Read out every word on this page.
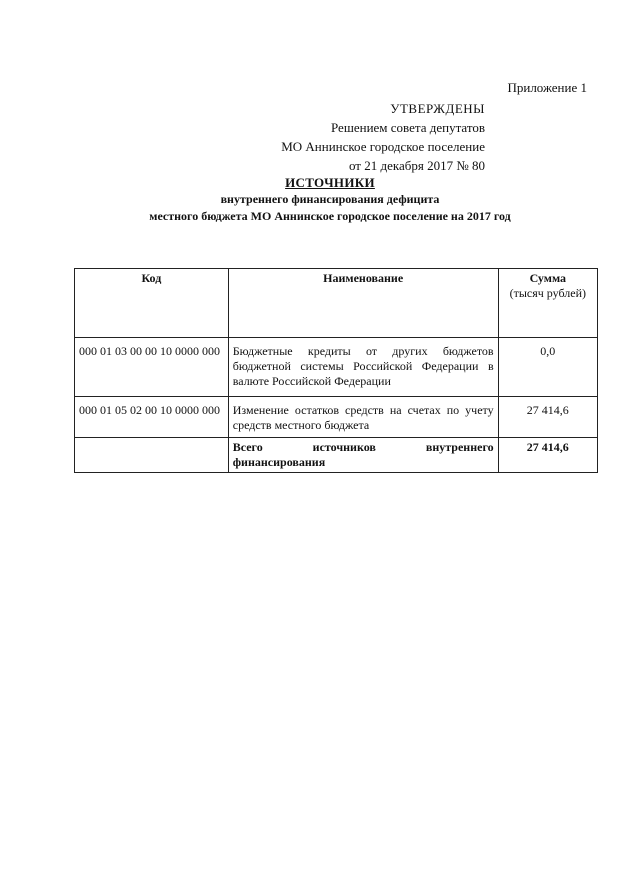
Приложение 1
УТВЕРЖДЕНЫ
Решением совета депутатов
МО Аннинское городское поселение
от 21 декабря 2017 № 80
ИСТОЧНИКИ
внутреннего финансирования дефицита
местного бюджета МО Аннинское городское поселение на 2017 год
Код	Наименование	Сумма
(тысяч рублей)

000 01 03 00 00 10 0000 000	Бюджетные кредиты от других бюджетов бюджетной системы Российской Федерации в валюте Российской Федерации	0,0
000 01 05 02 00 10 0000 000	Изменение остатков средств на счетах по учету средств местного бюджета	27 414,6
	Всего источников внутреннего финансирования	27 414,6
